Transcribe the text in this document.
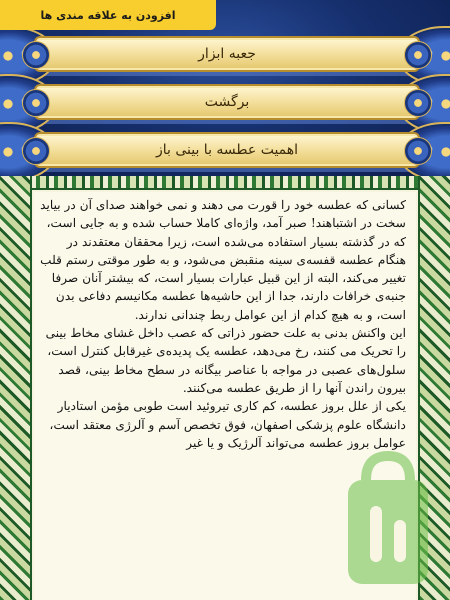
افزودن به علاقه مندی ها
جعبه ابزار
برگشت
اهمیت عطسه با بینی باز

کسانی که عطسه خود را قورت می دهند و نمی خواهند صدای آن در بیاید سخت در اشتباهند! صبر آمد، واژه‌ای کاملا حساب شده و به جایی است، که در گذشته بسیار استفاده می‌شده است، زیرا محققان معتقدند در هنگام عطسه قفسه‌ی سینه منقبض می‌شود، و به طور موقتی رستم قلب تغییر می‌کند، البته از این قبیل عبارات بسیار است، که بیشتر آنان صرفا جنبه‌ی خرافات دارند، جدا از این حاشیه‌ها عطسه مکانیسم دفاعی بدن است، و به هیچ کدام از این عوامل ربط چندانی ندارند.

این واکنش بدنی به علت حضور ذراتی که عصب داخل غشای مخاط بینی را تحریک می کنند، رخ می‌دهد، عطسه یک پدیده‌ی غیرقابل کنترل است، سلول‌های عصبی در مواجه با عناصر بیگانه در سطح مخاط بینی، قصد بیرون راندن آنها را از طریق عطسه می‌کنند.

یکی از علل بروز عطسه، کم کاری تیروئید است طوبی مؤمن استادیار دانشگاه علوم پزشکی اصفهان، فوق تخصص آسم و آلرژی معتقد است، عوامل بروز عطسه می‌تواند آلرژیک و یا غیر
